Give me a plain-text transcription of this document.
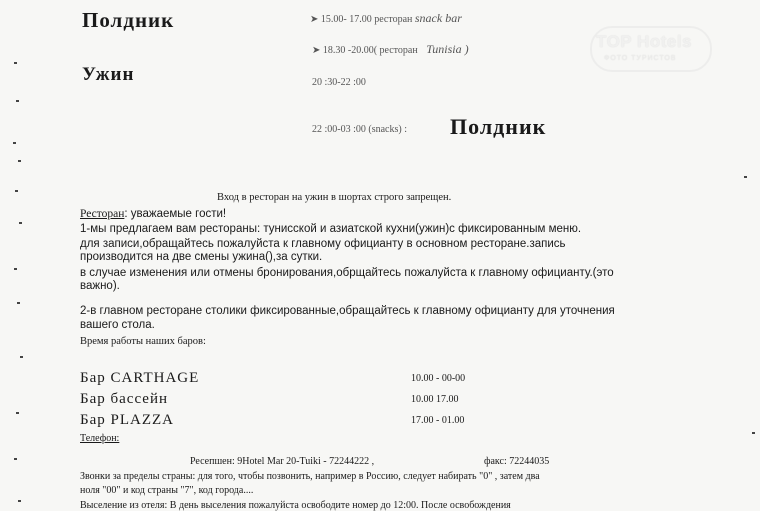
TOP Hotels
ФОТО ТУРИСТОВ
Полдник	➤ 15.00- 17.00 ресторан snack bar
➤ 18.30 -20.00( ресторан Tunisia )
Ужин	20 :30-22 :00
22 :00-03 :00 (snacks) : Полдник
Вход в ресторан на ужин в шортах строго запрещен.
Ресторан: уважаемые гости!
1-мы предлагаем вам рестораны: тунисской и азиатской кухни(ужин)с фиксированным меню.
для записи,обращайтесь пожалуйста к главному официанту в основном ресторане.запись
производится на две смены ужина(),за сутки.
в случае изменения или отмены бронирования,обрщайтесь пожалуйста к главному официанту.(это
важно).
2-в главном ресторане столики фиксированные,обращайтесь к главному официанту для уточнения
вашего стола.
Время работы наших баров:
Бар CARTHAGE	10.00 - 00-00
Бар бассейн	10.00 17.00
Бар PLAZZA	17.00 - 01.00
Телефон:
Ресепшен: 9Hotel Mar 20-Tuiki - 72244222 ,	факс: 72244035
Звонки за пределы страны: для того, чтобы позвонить, например в Россию, следует набирать "0" , затем два
ноля "00" и код страны "7", код города....
Выселение из отеля: В день выселения пожалуйста освободите номер до 12:00. После освобождения
